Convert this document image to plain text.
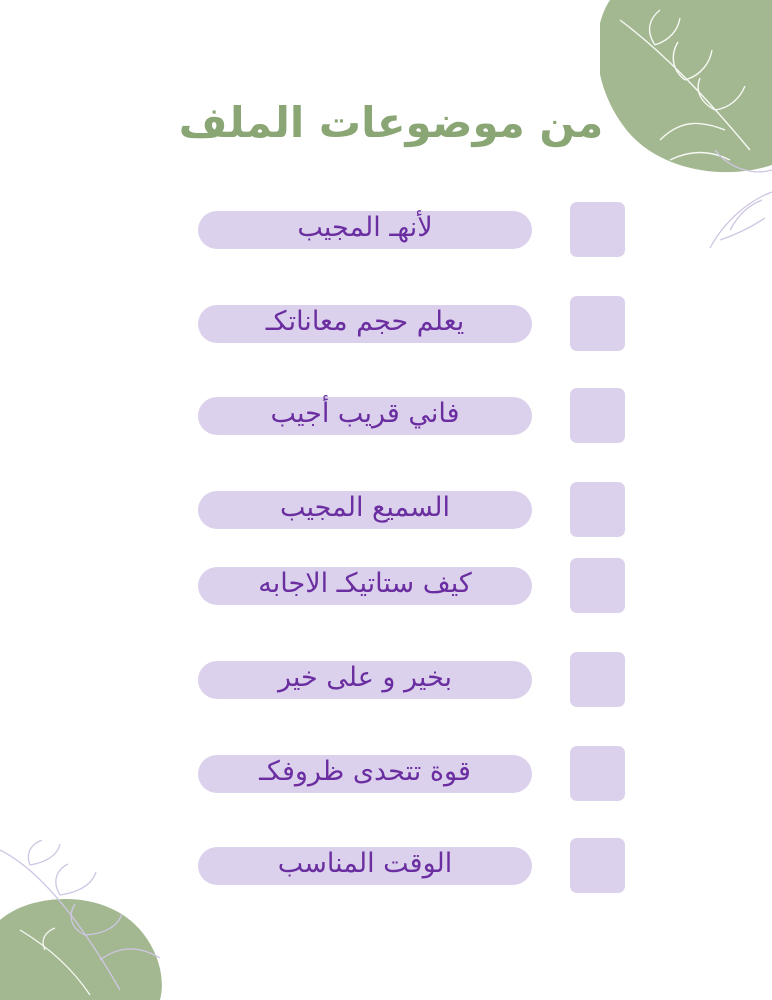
من موضوعات الملف
لأنهـ المجيب
يعلم حجم معاناتكـ
فاني قريب أجيب
السميع المجيب
كيف ستاتيكـ الاجابه
بخير و على خير
قوة تتحدى ظروفكـ
الوقت المناسب
